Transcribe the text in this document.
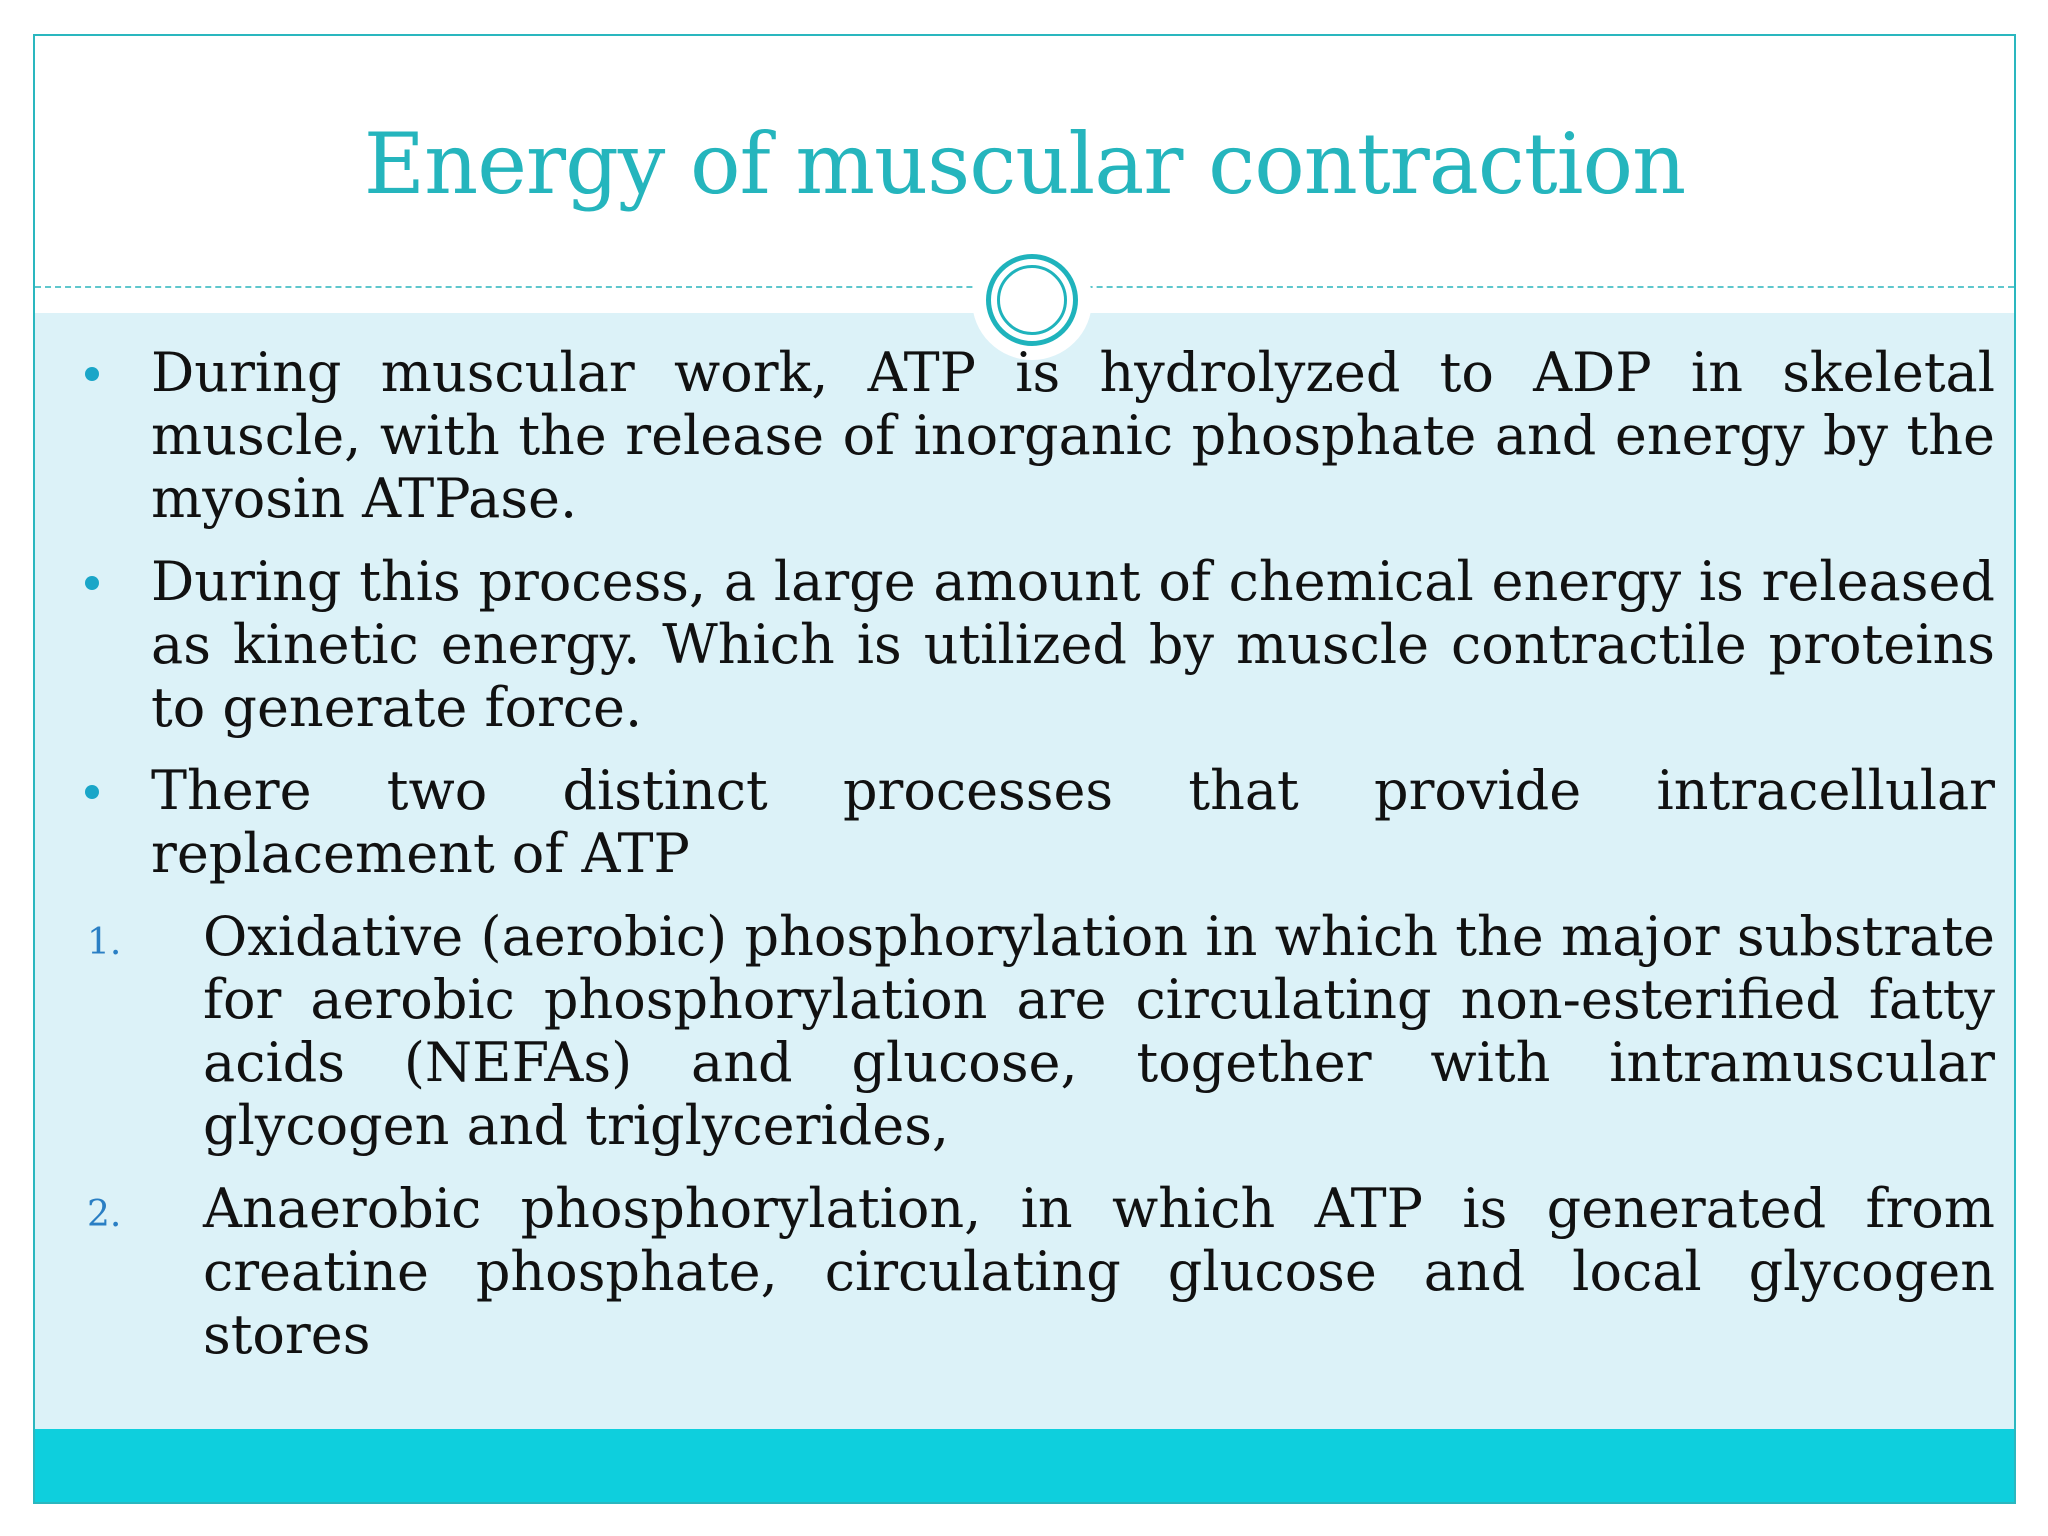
Energy of muscular contraction
During muscular work, ATP is hydrolyzed to ADP in skeletal muscle, with the release of inorganic phosphate and energy by the myosin ATPase.
During this process, a large amount of chemical energy is released as kinetic energy. Which is utilized by muscle contractile proteins to generate force.
There two distinct processes that provide intracellular replacement of ATP
1. Oxidative (aerobic) phosphorylation in which the major substrate for aerobic phosphorylation are circulating non-esterified fatty acids (NEFAs) and glucose, together with intramuscular glycogen and triglycerides,
2. Anaerobic phosphorylation, in which ATP is generated from creatine phosphate, circulating glucose and local glycogen stores
